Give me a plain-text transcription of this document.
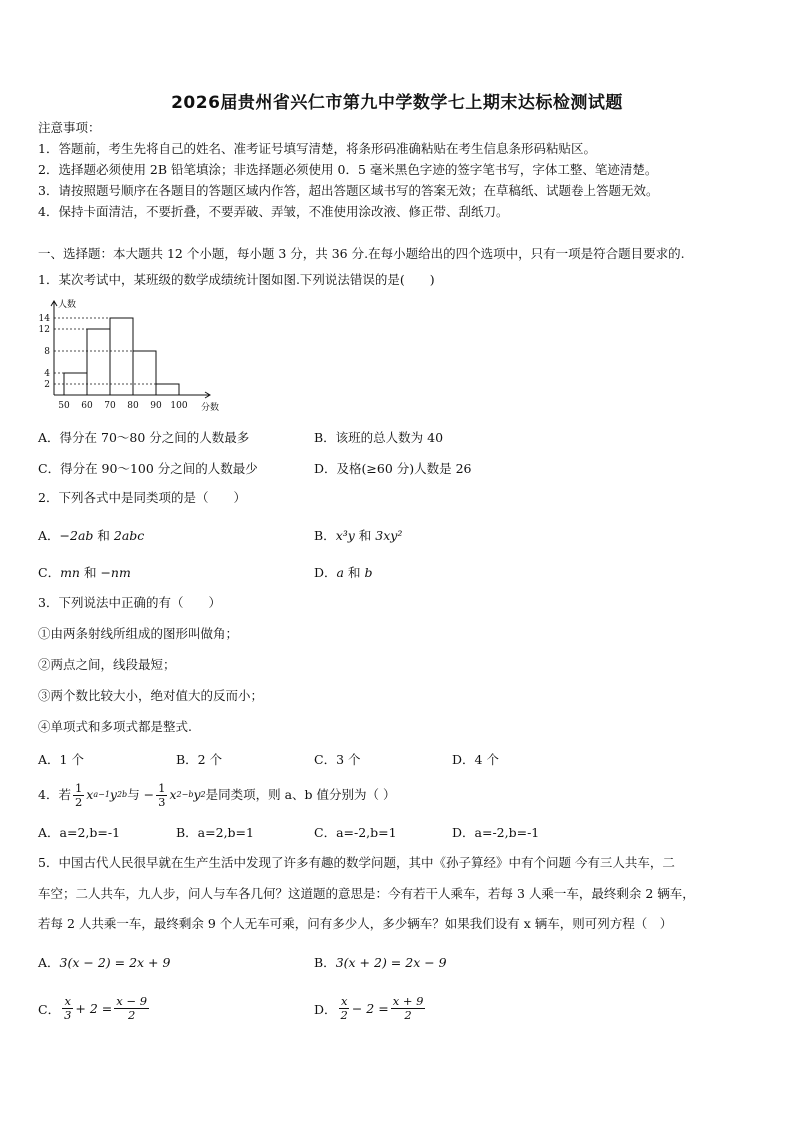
2026届贵州省兴仁市第九中学数学七上期末达标检测试题
注意事项：
1．答题前，考生先将自己的姓名、准考证号填写清楚，将条形码准确粘贴在考生信息条形码粘贴区。
2．选择题必须使用 2B 铅笔填涂；非选择题必须使用 0．5 毫米黑色字迹的签字笔书写，字体工整、笔迹清楚。
3．请按照题号顺序在各题目的答题区域内作答，超出答题区域书写的答案无效；在草稿纸、试题卷上答题无效。
4．保持卡面清洁，不要折叠，不要弄破、弄皱，不准使用涂改液、修正带、刮纸刀。
一、选择题：本大题共 12 个小题，每小题 3 分，共 36 分.在每小题给出的四个选项中，只有一项是符合题目要求的.
1．某次考试中，某班级的数学成绩统计图如图.下列说法错误的是(　　)
2
4
8
12
14
50 60 70 80 90 100
人数
分数
A．得分在 70～80 分之间的人数最多	B．该班的总人数为 40
C．得分在 90～100 分之间的人数最少	D．及格(≥60 分)人数是 26
2．下列各式中是同类项的是（　　）
A．−2ab 和 2abc	B．x³y 和 3xy²
C．mn 和 −nm	D．a 和 b
3．下列说法中正确的有（　　）
①由两条射线所组成的图形叫做角；
②两点之间，线段最短；
③两个数比较大小，绝对值大的反而小；
④单项式和多项式都是整式.
A．1 个	B．2 个	C．3 个	D．4 个
4．若 $\frac{1}{2}$ x a−1 y 2b 与 − $\frac{1}{3}$ x 2−b y 2 是同类项，则 a、b 值分别为（ ）
A．a=2,b=-1	B．a=2,b=1	C．a=-2,b=1	D．a=-2,b=-1
5．中国古代人民很早就在生产生活中发现了许多有趣的数学问题，其中《孙子算经》中有个问题 今有三人共车，二
车空；二人共车，九人步，问人与车各几何？这道题的意思是：今有若干人乘车，若每 3 人乘一车，最终剩余 2 辆车，
若每 2 人共乘一车，最终剩余 9 个人无车可乘，问有多少人，多少辆车？如果我们设有 x 辆车，则可列方程（　）
A．3(x − 2) = 2x + 9	B．3(x + 2) = 2x − 9
C． $\frac{x}{3} + 2 = \frac{x - 9}{2}$	D． $\frac{x}{2} - 2 = \frac{x + 9}{2}$
